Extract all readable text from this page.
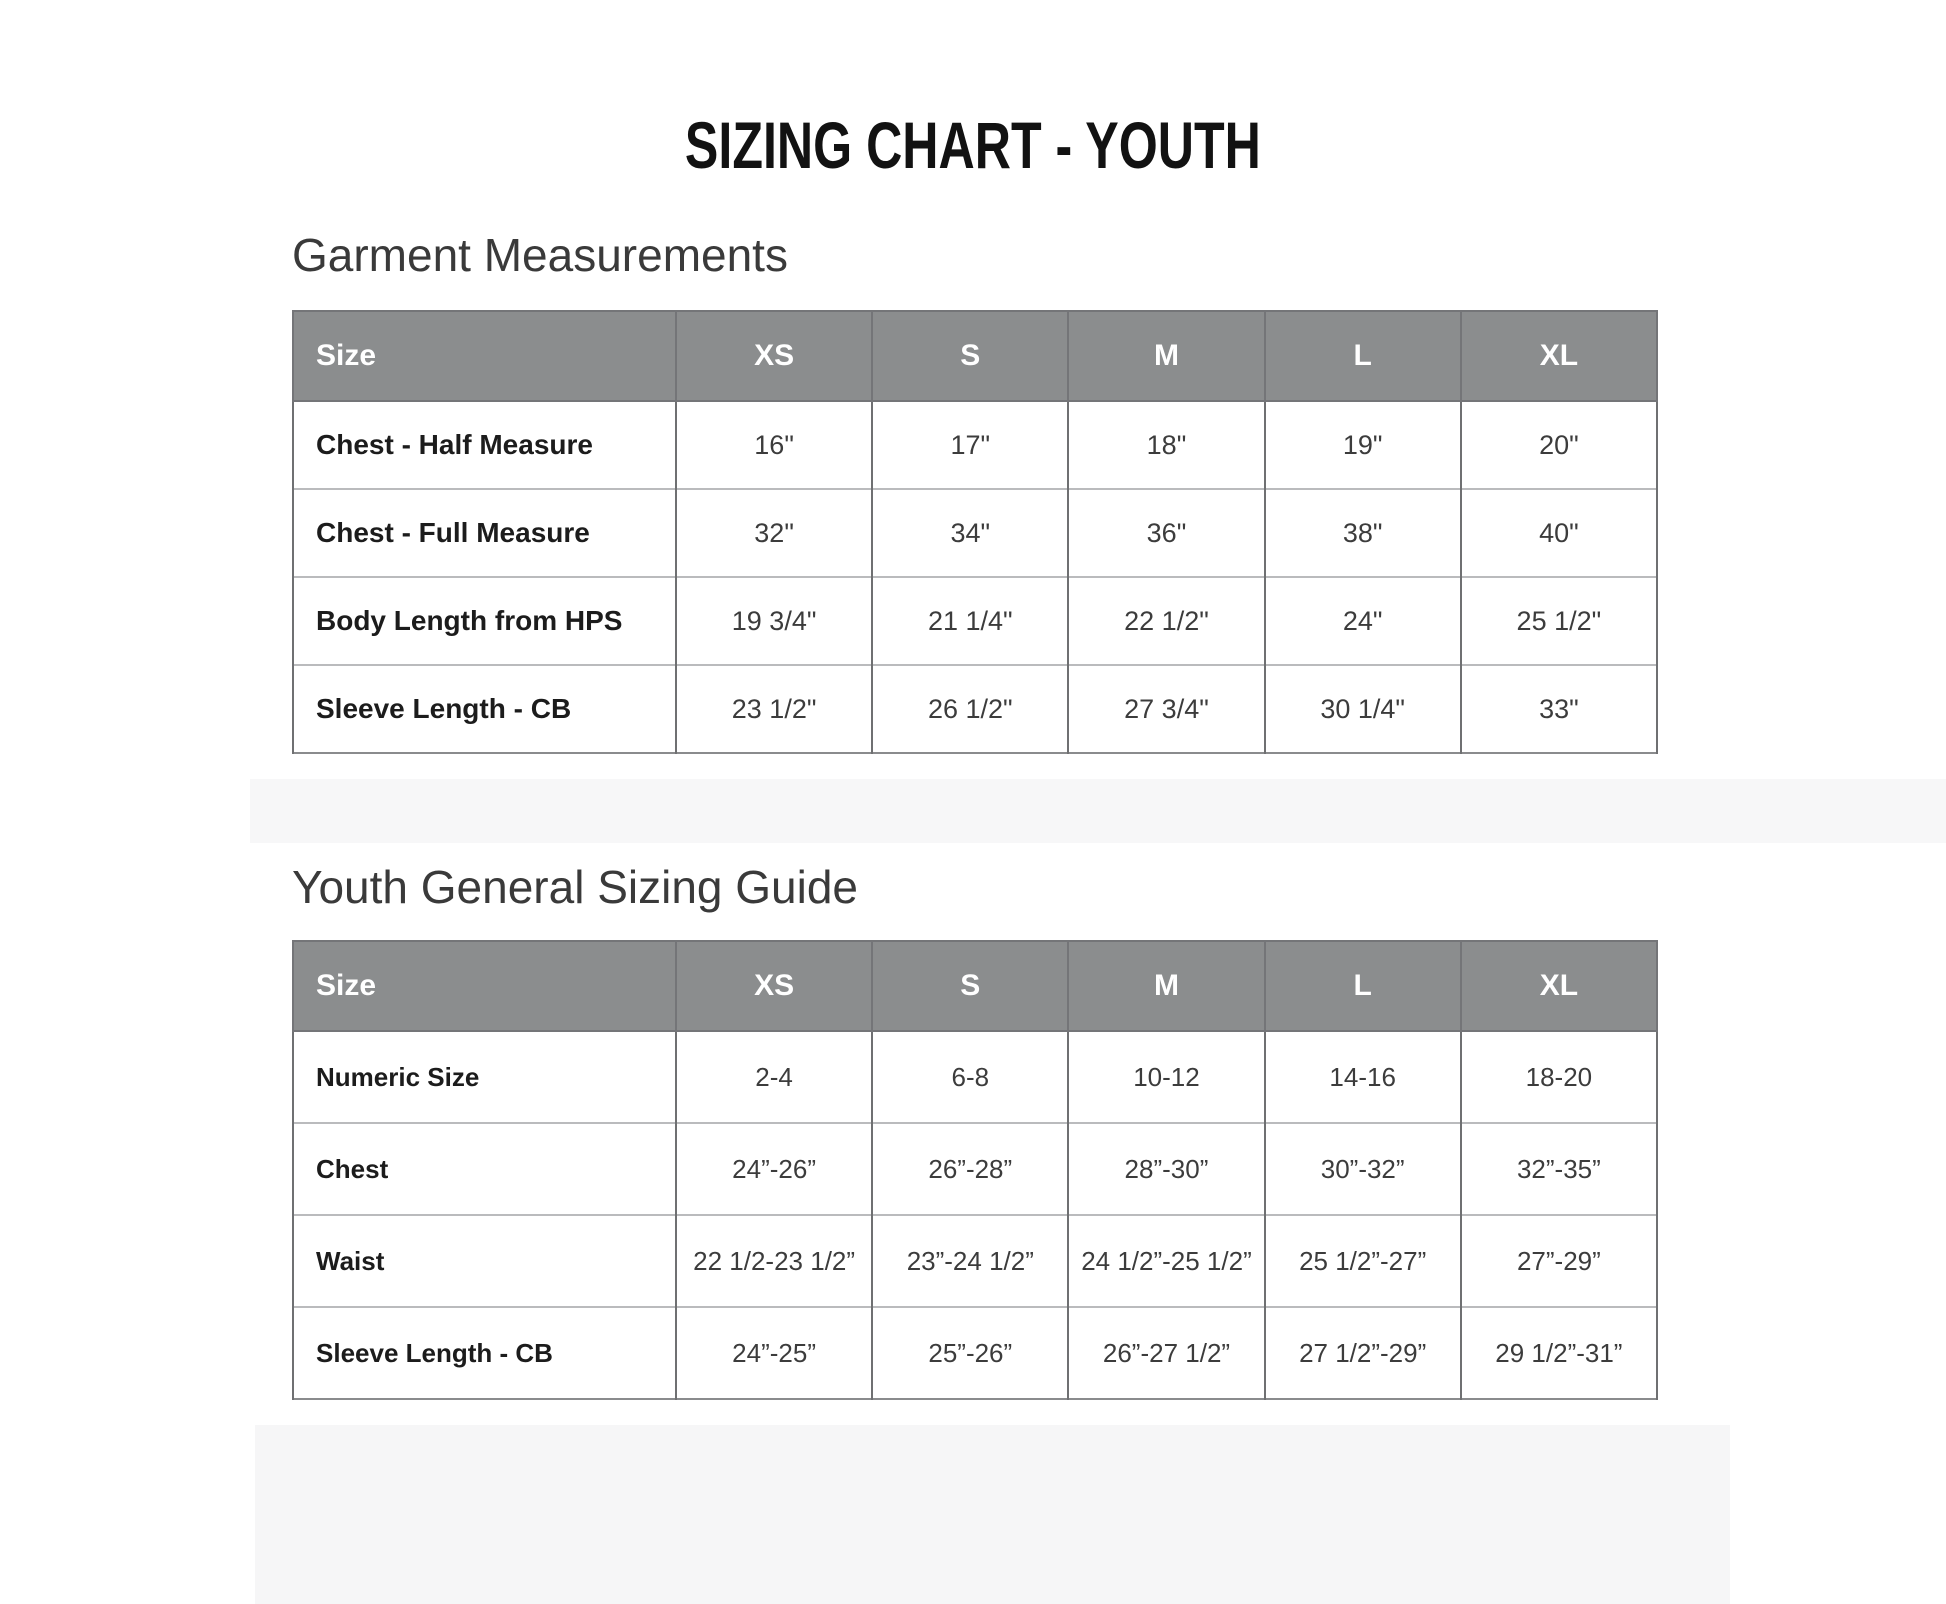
SIZING CHART - YOUTH
Garment Measurements
Size	XS	S	M	L	XL
Chest - Half Measure	16"	17"	18"	19"	20"
Chest - Full Measure	32"	34"	36"	38"	40"
Body Length from HPS	19 3/4"	21 1/4"	22 1/2"	24"	25 1/2"
Sleeve Length - CB	23 1/2"	26 1/2"	27 3/4"	30 1/4"	33"
Youth General Sizing Guide
Size	XS	S	M	L	XL
Numeric Size	2-4	6-8	10-12	14-16	18-20
Chest	24”-26”	26”-28”	28”-30”	30”-32”	32”-35”
Waist	22 1/2-23 1/2”	23”-24 1/2”	24 1/2”-25 1/2”	25 1/2”-27”	27”-29”
Sleeve Length - CB	24”-25”	25”-26”	26”-27 1/2”	27 1/2”-29”	29 1/2”-31”
